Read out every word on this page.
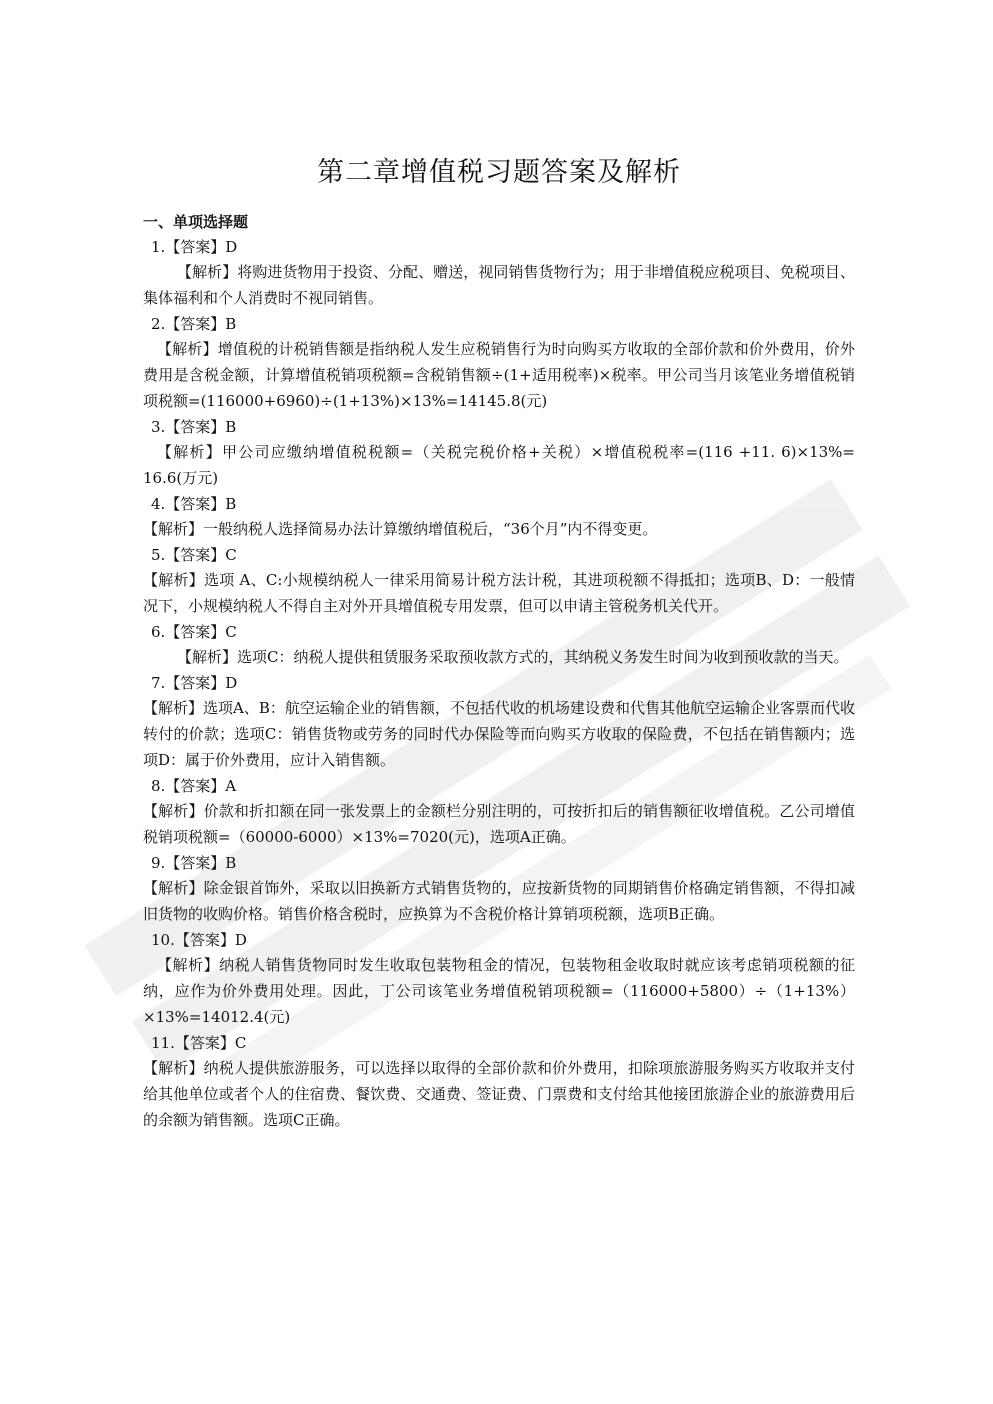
第二章增值税习题答案及解析
一、单项选择题
1.【答案】D
【解析】将购进货物用于投资、分配、赠送，视同销售货物行为；用于非增值税应税项目、免税项目、集体福利和个人消费时不视同销售。
2.【答案】B
【解析】增值税的计税销售额是指纳税人发生应税销售行为时向购买方收取的全部价款和价外费用，价外费用是含税金额，计算增值税销项税额=含税销售额÷(1+适用税率)×税率。甲公司当月该笔业务增值税销项税额=(116000+6960)÷(1+13%)×13%=14145.8(元)
3.【答案】B
【解析】甲公司应缴纳增值税税额=（关税完税价格+关税）×增值税税率=(116 +11. 6)×13%= 16.6(万元)
4.【答案】B
【解析】一般纳税人选择简易办法计算缴纳增值税后，“36个月”内不得变更。
5.【答案】C
【解析】选项 A、C:小规模纳税人一律采用简易计税方法计税，其进项税额不得抵扣；选项B、D：一般情况下，小规模纳税人不得自主对外开具增值税专用发票，但可以申请主管税务机关代开。
6.【答案】C
【解析】选项C：纳税人提供租赁服务采取预收款方式的，其纳税义务发生时间为收到预收款的当天。
7.【答案】D
【解析】选项A、B：航空运输企业的销售额，不包括代收的机场建设费和代售其他航空运输企业客票而代收转付的价款；选项C：销售货物或劳务的同时代办保险等而向购买方收取的保险费，不包括在销售额内；选项D：属于价外费用，应计入销售额。
8.【答案】A
【解析】价款和折扣额在同一张发票上的金额栏分别注明的，可按折扣后的销售额征收增值税。乙公司增值税销项税额=（60000-6000）×13%=7020(元)，选项A正确。
9.【答案】B
【解析】除金银首饰外，采取以旧换新方式销售货物的，应按新货物的同期销售价格确定销售额，不得扣减旧货物的收购价格。销售价格含税时，应换算为不含税价格计算销项税额，选项B正确。
10.【答案】D
【解析】纳税人销售货物同时发生收取包装物租金的情况，包装物租金收取时就应该考虑销项税额的征纳，应作为价外费用处理。因此，丁公司该笔业务增值税销项税额=（116000+5800）÷（1+13%）×13%=14012.4(元)
11.【答案】C
【解析】纳税人提供旅游服务，可以选择以取得的全部价款和价外费用，扣除项旅游服务购买方收取并支付给其他单位或者个人的住宿费、餐饮费、交通费、签证费、门票费和支付给其他接团旅游企业的旅游费用后的余额为销售额。选项C正确。
